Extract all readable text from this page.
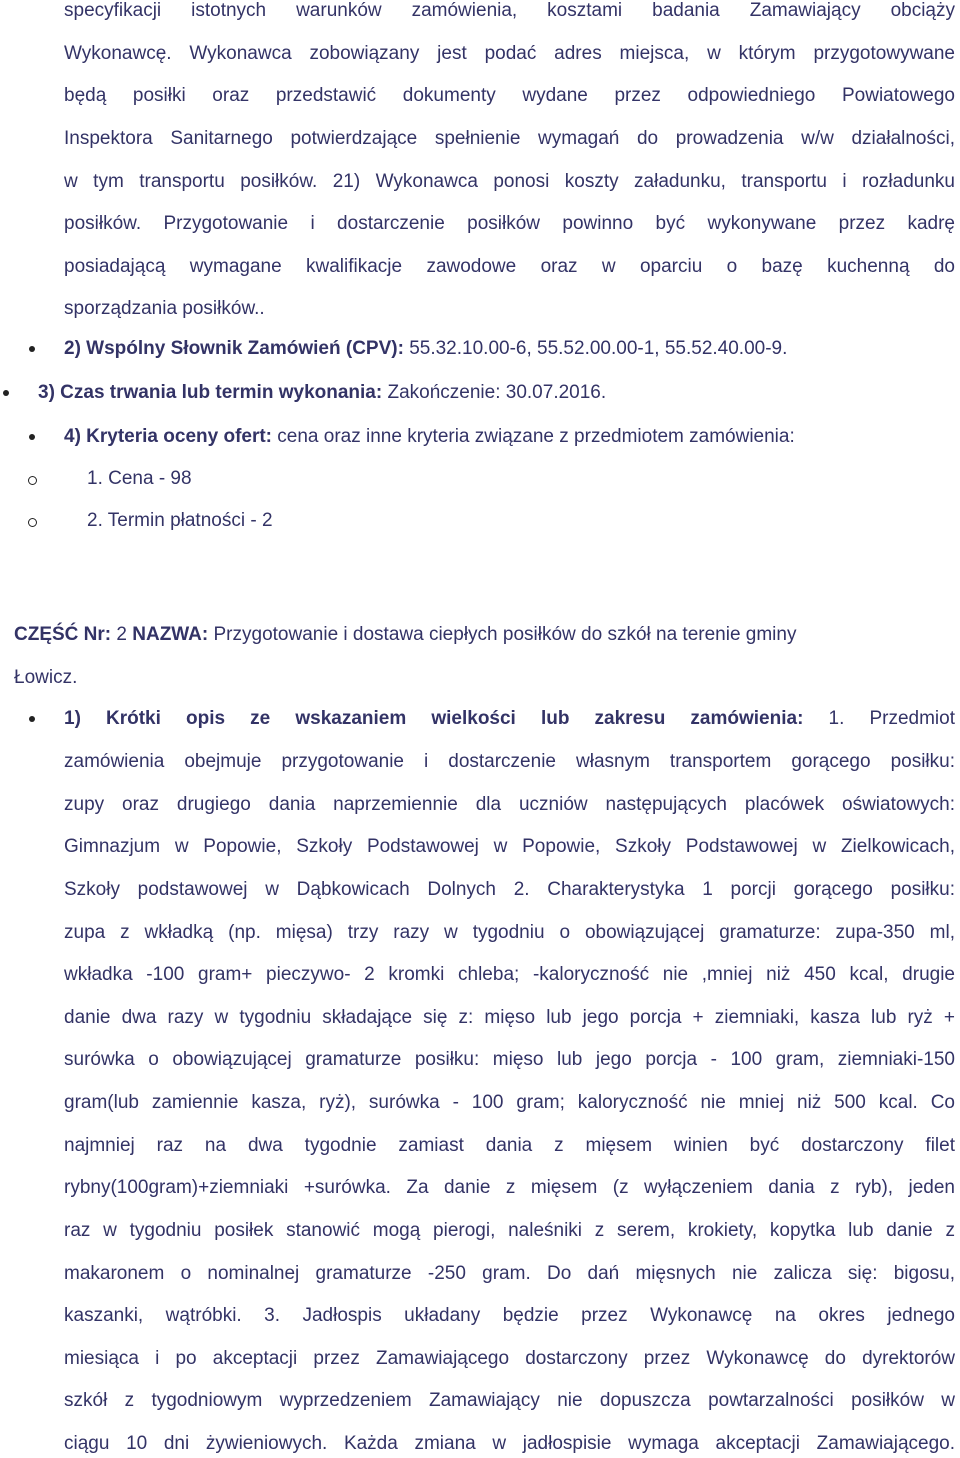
specyfikacji istotnych warunków zamówienia, kosztami badania Zamawiający obciąży
Wykonawcę. Wykonawca zobowiązany jest podać adres miejsca, w którym przygotowywane
będą posiłki oraz przedstawić dokumenty wydane przez odpowiedniego Powiatowego
Inspektora Sanitarnego potwierdzające spełnienie wymagań do prowadzenia w/w działalności,
w tym transportu posiłków. 21) Wykonawca ponosi koszty załadunku, transportu i rozładunku
posiłków. Przygotowanie i dostarczenie posiłków powinno być wykonywane przez kadrę
posiadającą wymagane kwalifikacje zawodowe oraz w oparciu o bazę kuchenną do
sporządzania posiłków..
2) Wspólny Słownik Zamówień (CPV): 55.32.10.00-6, 55.52.00.00-1, 55.52.40.00-9.
3) Czas trwania lub termin wykonania: Zakończenie: 30.07.2016.
4) Kryteria oceny ofert: cena oraz inne kryteria związane z przedmiotem zamówienia:
1. Cena - 98
2. Termin płatności - 2
CZĘŚĆ Nr: 2 NAZWA: Przygotowanie i dostawa ciepłych posiłków do szkół na terenie gminy
Łowicz.
1) Krótki opis ze wskazaniem wielkości lub zakresu zamówienia: 1. Przedmiot
zamówienia obejmuje przygotowanie i dostarczenie własnym transportem gorącego posiłku:
zupy oraz drugiego dania naprzemiennie dla uczniów następujących placówek oświatowych:
Gimnazjum w Popowie, Szkoły Podstawowej w Popowie, Szkoły Podstawowej w Zielkowicach,
Szkoły podstawowej w Dąbkowicach Dolnych 2. Charakterystyka 1 porcji gorącego posiłku:
zupa z wkładką (np. mięsa) trzy razy w tygodniu o obowiązującej gramaturze: zupa-350 ml,
wkładka -100 gram+ pieczywo- 2 kromki chleba; -kaloryczność nie ,mniej niż 450 kcal, drugie
danie dwa razy w tygodniu składające się z: mięso lub jego porcja + ziemniaki, kasza lub ryż +
surówka o obowiązującej gramaturze posiłku: mięso lub jego porcja - 100 gram, ziemniaki-150
gram(lub zamiennie kasza, ryż), surówka - 100 gram; kaloryczność nie mniej niż 500 kcal. Co
najmniej raz na dwa tygodnie zamiast dania z mięsem winien być dostarczony filet
rybny(100gram)+ziemniaki +surówka. Za danie z mięsem (z wyłączeniem dania z ryb), jeden
raz w tygodniu posiłek stanowić mogą pierogi, naleśniki z serem, krokiety, kopytka lub danie z
makaronem o nominalnej gramaturze -250 gram. Do dań mięsnych nie zalicza się: bigosu,
kaszanki, wątróbki. 3. Jadłospis układany będzie przez Wykonawcę na okres jednego
miesiąca i po akceptacji przez Zamawiającego dostarczony przez Wykonawcę do dyrektorów
szkół z tygodniowym wyprzedzeniem Zamawiający nie dopuszcza powtarzalności posiłków w
ciągu 10 dni żywieniowych. Każda zmiana w jadłospisie wymaga akceptacji Zamawiającego.
